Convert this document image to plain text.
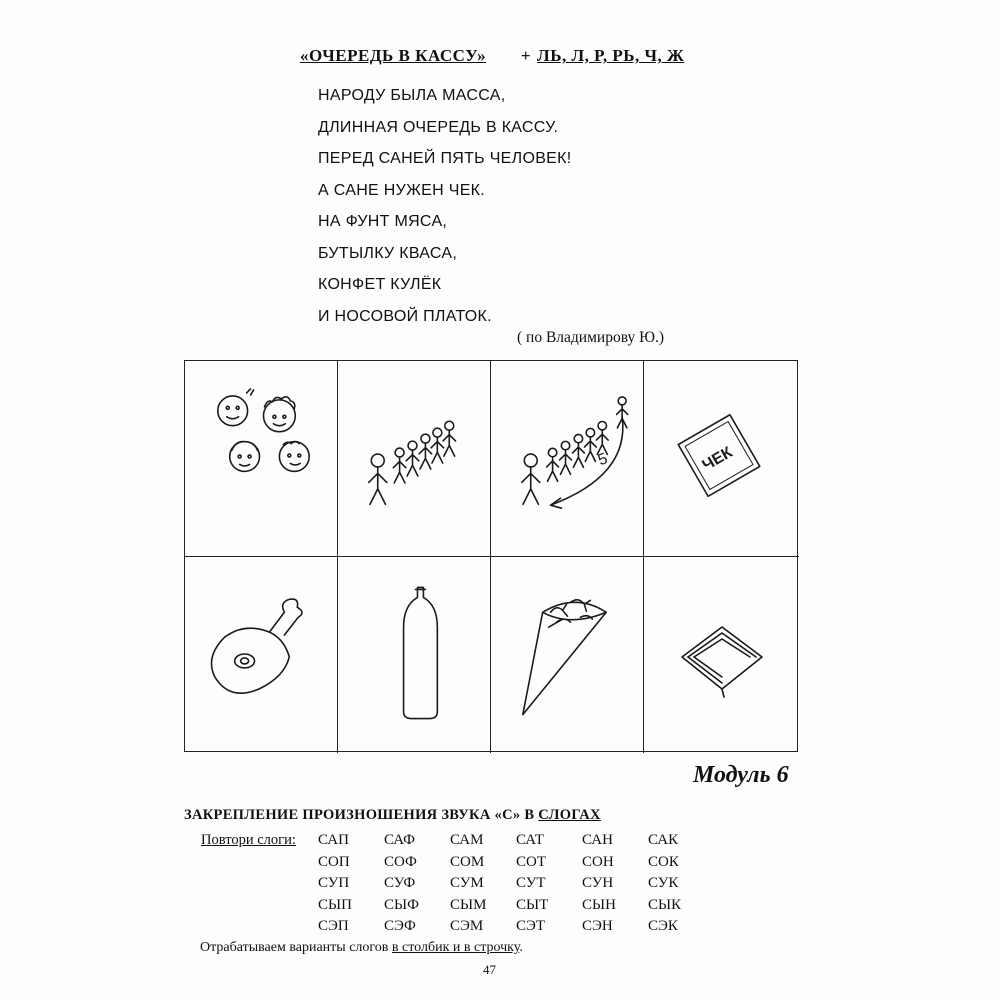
«ОЧЕРЕДЬ В КАССУ» + ЛЬ, Л, Р, РЬ, Ч, Ж
НАРОДУ БЫЛА МАССА,
ДЛИННАЯ ОЧЕРЕДЬ В КАССУ.
ПЕРЕД САНЕЙ ПЯТЬ ЧЕЛОВЕК!
А САНЕ НУЖЕН ЧЕК.
НА ФУНТ МЯСА,
БУТЫЛКУ КВАСА,
КОНФЕТ КУЛЁК
И НОСОВОЙ ПЛАТОК.
( по Владимирову Ю.)
5	ЧЕК
Модуль 6
ЗАКРЕПЛЕНИЕ ПРОИЗНОШЕНИЯ ЗВУКА «С» В СЛОГАХ
Повтори слоги: САП	САФ	САМ	САТ	САН	САК
СОП	СОФ	СОМ	СОТ	СОН	СОК
СУП	СУФ	СУМ	СУТ	СУН	СУК
СЫП	СЫФ	СЫМ	СЫТ	СЫН	СЫК
СЭП	СЭФ	СЭМ	СЭТ	СЭН	СЭК
Отрабатываем варианты слогов в столбик и в строчку.
47
